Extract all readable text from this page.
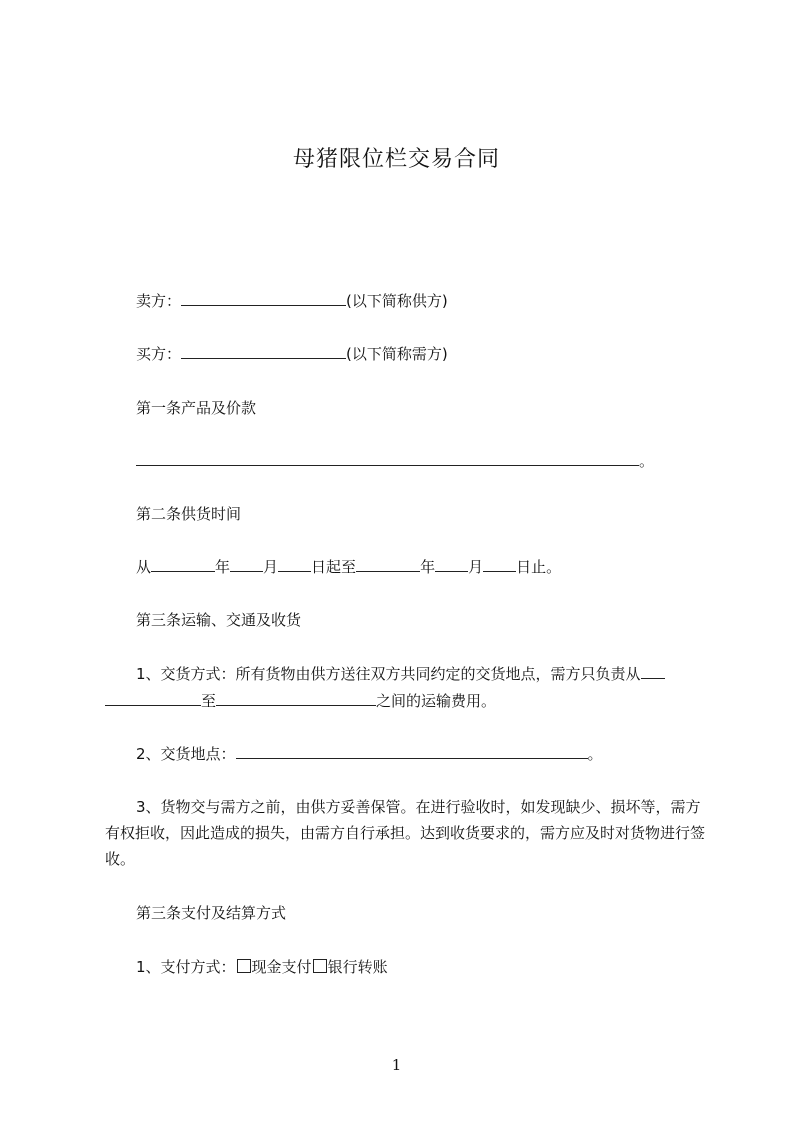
母猪限位栏交易合同
卖方：	(以下简称供方)
买方：	(以下简称需方)
第一条产品及价款
。
第二条供货时间
从	年 月 日起至	年 月 日止。
第三条运输、交通及收货
1、交货方式：所有货物由供方送往双方共同约定的交货地点，需方只负责从
至	之间的运输费用。
2、交货地点：	。
3、货物交与需方之前，由供方妥善保管。在进行验收时，如发现缺少、损坏等，需方有权拒收，因此造成的损失，由需方自行承担。达到收货要求的，需方应及时对货物进行签收。
第三条支付及结算方式
1、支付方式： 现金支付 银行转账
1
